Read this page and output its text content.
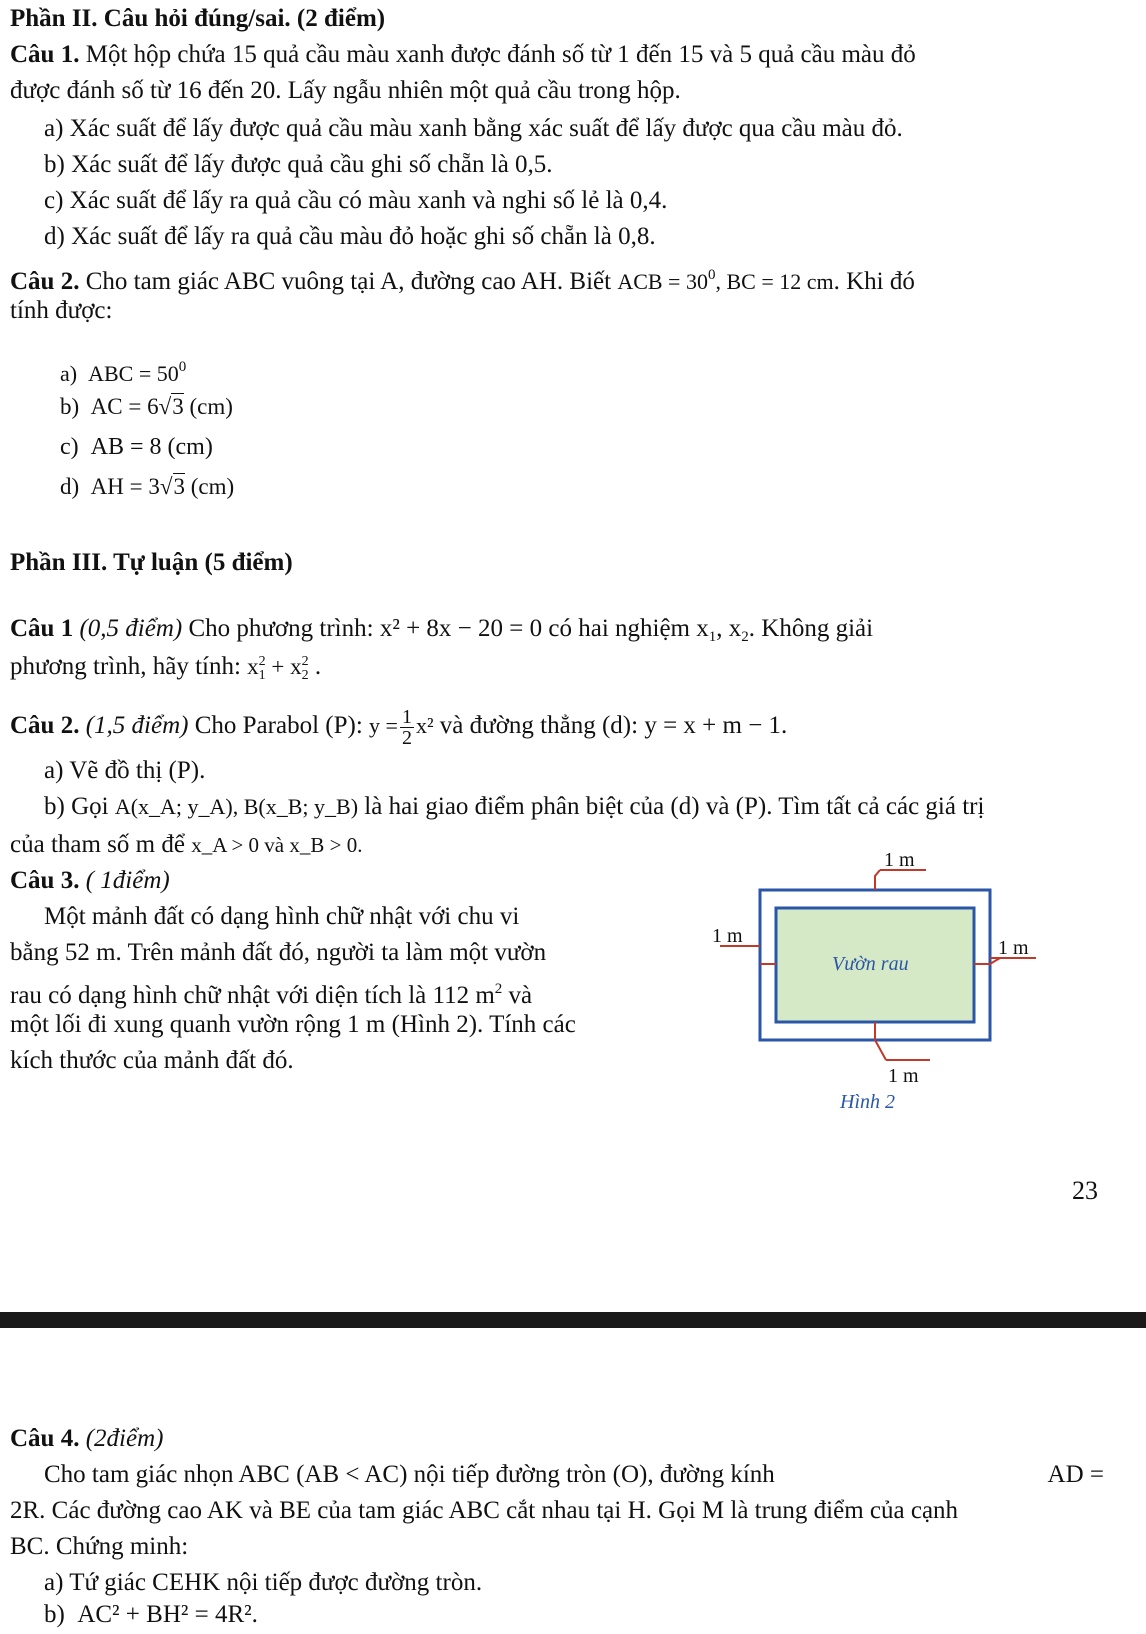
Phần II. Câu hỏi đúng/sai. (2 điểm)
Câu 1. Một hộp chứa 15 quả cầu màu xanh được đánh số từ 1 đến 15 và 5 quả cầu màu đỏ
được đánh số từ 16 đến 20. Lấy ngẫu nhiên một quả cầu trong hộp.
a) Xác suất để lấy được quả cầu màu xanh bằng xác suất để lấy được qua cầu màu đỏ.
b) Xác suất để lấy được quả cầu ghi số chẵn là 0,5.
c) Xác suất để lấy ra quả cầu có màu xanh và nghi số lẻ là 0,4.
d) Xác suất để lấy ra quả cầu màu đỏ hoặc ghi số chẵn là 0,8.
Câu 2. Cho tam giác ABC vuông tại A, đường cao AH. Biết ACB = $30^0$, BC = 12 cm. Khi đó
tính được:
a) ABC = $50^0$
b) AC = 6√3 (cm)
c) AB = 8 (cm)
d) AH = 3√3 (cm)
Phần III. Tự luận (5 điểm)
Câu 1 (0,5 điểm) Cho phương trình: x² + 8x − 20 = 0 có hai nghiệm $x_1$, $x_2$. Không giải
phương trình, hãy tính: x 2
1 + x 2
2 .
Câu 2. (1,5 điểm) Cho Parabol (P): $y = \frac{1}{2} x^2$ và đường thẳng (d): y = x + m − 1.
a) Vẽ đồ thị (P).
b) Gọi A(x_A; y_A), B(x_B; y_B) là hai giao điểm phân biệt của (d) và (P). Tìm tất cả các giá trị
của tham số m để x_A > 0 và x_B > 0.
Câu 3. ( 1điểm)
Một mảnh đất có dạng hình chữ nhật với chu vi
bằng 52 m. Trên mảnh đất đó, người ta làm một vườn
rau có dạng hình chữ nhật với diện tích là 112 $m^2$ và
một lối đi xung quanh vườn rộng 1 m (Hình 2). Tính các
kích thước của mảnh đất đó.
1 m
1 m
1 m
1 m
Vườn rau
Hình 2
23
Câu 4. (2điểm)
Cho tam giác nhọn ABC (AB < AC) nội tiếp đường tròn (O), đường kính	AD =
2R. Các đường cao AK và BE của tam giác ABC cắt nhau tại H. Gọi M là trung điểm của cạnh
BC. Chứng minh:
a) Tứ giác CEHK nội tiếp được đường tròn.
b) AC² + BH² = 4R².
